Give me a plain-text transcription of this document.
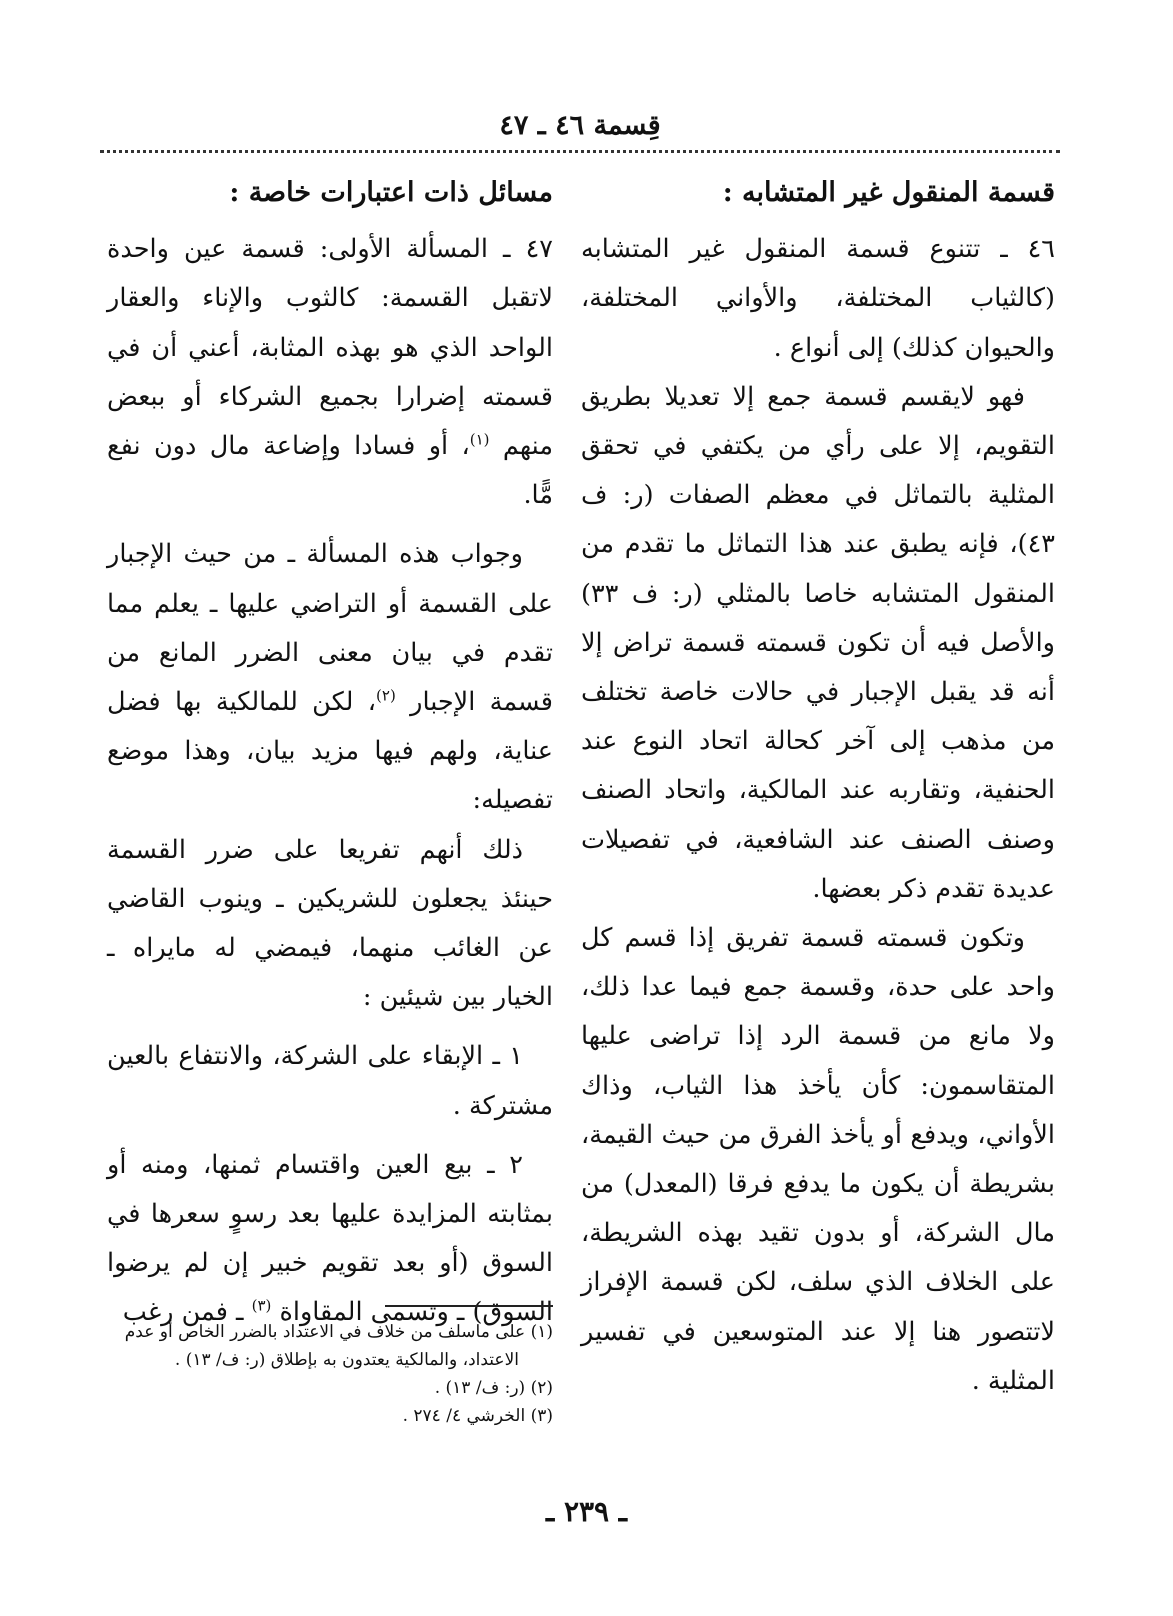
قِسمة ٤٦ ـ ٤٧
قسمة المنقول غير المتشابه :

٤٦ ـ تتنوع قسمة المنقول غير المتشابه (كالثياب المختلفة، والأواني المختلفة، والحيوان كذلك) إلى أنواع .

فهو لايقسم قسمة جمع إلا تعديلا بطريق التقويم، إلا على رأي من يكتفي في تحقق المثلية بالتماثل في معظم الصفات (ر: ف ٤٣)، فإنه يطبق عند هذا التماثل ما تقدم من المنقول المتشابه خاصا بالمثلي (ر: ف ٣٣) والأصل فيه أن تكون قسمته قسمة تراض إلا أنه قد يقبل الإجبار في حالات خاصة تختلف من مذهب إلى آخر كحالة اتحاد النوع عند الحنفية، وتقاربه عند المالكية، واتحاد الصنف وصنف الصنف عند الشافعية، في تفصيلات عديدة تقدم ذكر بعضها.

وتكون قسمته قسمة تفريق إذا قسم كل واحد على حدة، وقسمة جمع فيما عدا ذلك، ولا مانع من قسمة الرد إذا تراضى عليها المتقاسمون: كأن يأخذ هذا الثياب، وذاك الأواني، ويدفع أو يأخذ الفرق من حيث القيمة، بشريطة أن يكون ما يدفع فرقا (المعدل) من مال الشركة، أو بدون تقيد بهذه الشريطة، على الخلاف الذي سلف، لكن قسمة الإفراز لاتتصور هنا إلا عند المتوسعين في تفسير المثلية .

مسائل ذات اعتبارات خاصة :

٤٧ ـ المسألة الأولى: قسمة عين واحدة لاتقبل القسمة: كالثوب والإناء والعقار الواحد الذي هو بهذه المثابة، أعني أن في قسمته إضرارا بجميع الشركاء أو ببعض منهم $^{(١)}$، أو فسادا وإضاعة مال دون نفع مًّا.

وجواب هذه المسألة ـ من حيث الإجبار على القسمة أو التراضي عليها ـ يعلم مما تقدم في بيان معنى الضرر المانع من قسمة الإجبار $^{(٢)}$، لكن للمالكية بها فضل عناية، ولهم فيها مزيد بيان، وهذا موضع تفصيله:

ذلك أنهم تفريعا على ضرر القسمة حينئذ يجعلون للشريكين ـ وينوب القاضي عن الغائب منهما، فيمضي له مايراه ـ الخيار بين شيئين :

١ ـ الإبقاء على الشركة، والانتفاع بالعين مشتركة .

٢ ـ بيع العين واقتسام ثمنها، ومنه أو بمثابته المزايدة عليها بعد رسوٍ سعرها في السوق (أو بعد تقويم خبير إن لم يرضوا السوق) ـ وتسمى المقاواة $^{(٣)}$ ـ فمن رغب

(١) على ماسلف من خلاف في الاعتداد بالضرر الخاص أو عدم
الاعتداد، والمالكية يعتدون به بإطلاق (ر: ف/ ١٣) .

(٢) (ر: ف/ ١٣) .

(٣) الخرشي ٤/ ٢٧٤ .

ـ ٢٣٩ ـ
